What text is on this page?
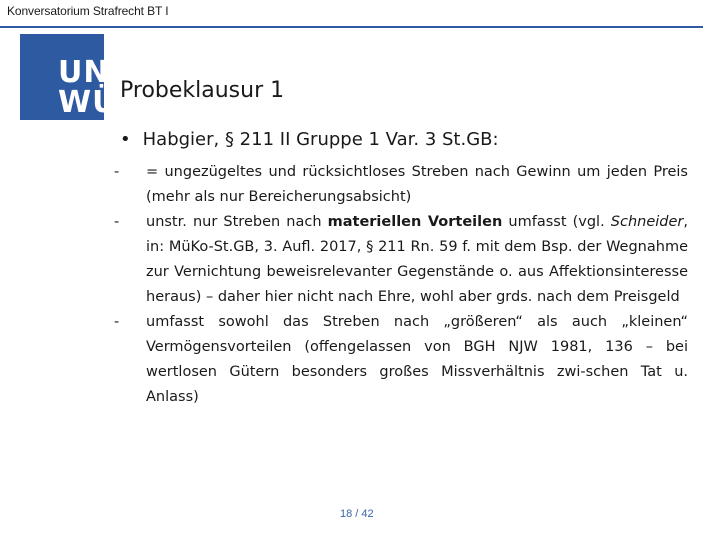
Konversatorium Strafrecht BT I
UNI
WÜ Probeklausur 1
• Habgier, § 211 II Gruppe 1 Var. 3 St.GB:
-	= ungezügeltes und rücksichtloses Streben nach Gewinn um jeden Preis (mehr als nur Bereicherungsabsicht)
-	unstr. nur Streben nach materiellen Vorteilen umfasst (vgl. Schneider, in: MüKo-St.GB, 3. Aufl. 2017, § 211 Rn. 59 f. mit dem Bsp. der Wegnahme zur Vernichtung beweisrelevanter Gegenstände o. aus Affektionsinteresse heraus) – daher hier nicht nach Ehre, wohl aber grds. nach dem Preisgeld
-	umfasst sowohl das Streben nach „größeren“ als auch „kleinen“ Vermögensvorteilen (offengelassen von BGH NJW 1981, 136 – bei wertlosen Gütern besonders großes Missverhältnis zwi-schen Tat u. Anlass)
18 / 42
